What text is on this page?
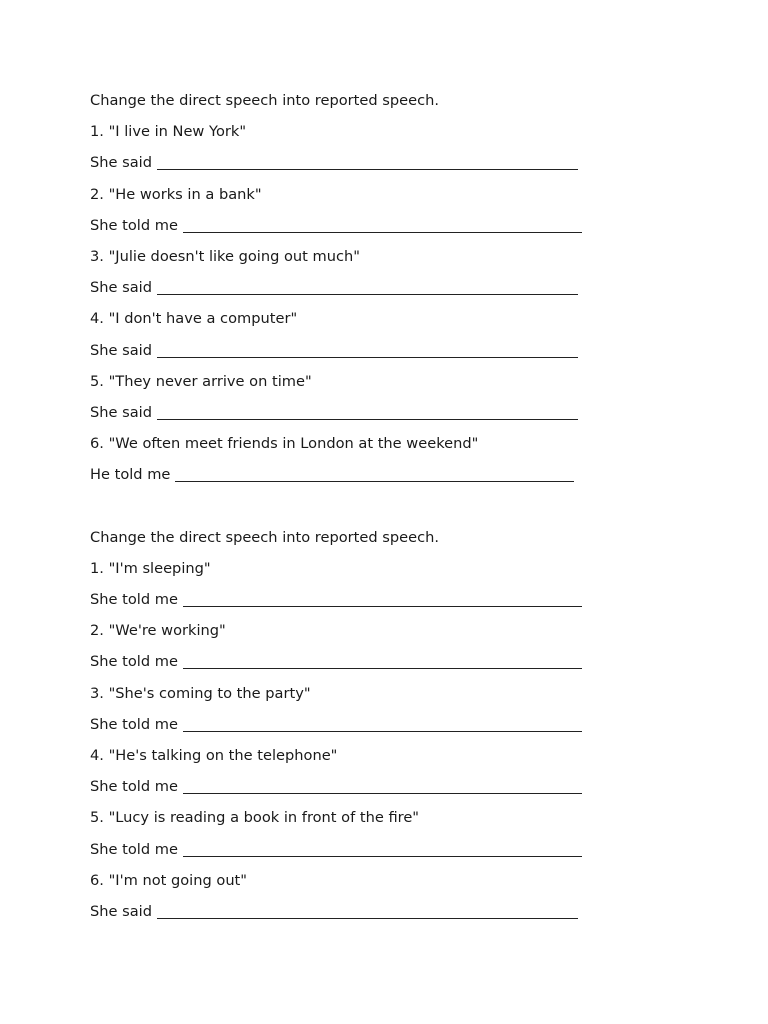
Change the direct speech into reported speech.
1. "I live in New York"
She said
2. "He works in a bank"
She told me
3. "Julie doesn't like going out much"
She said
4. "I don't have a computer"
She said
5. "They never arrive on time"
She said
6. "We often meet friends in London at the weekend"
He told me
Change the direct speech into reported speech.
1. "I'm sleeping"
She told me
2. "We're working"
She told me
3. "She's coming to the party"
She told me
4. "He's talking on the telephone"
She told me
5. "Lucy is reading a book in front of the fire"
She told me
6. "I'm not going out"
She said
